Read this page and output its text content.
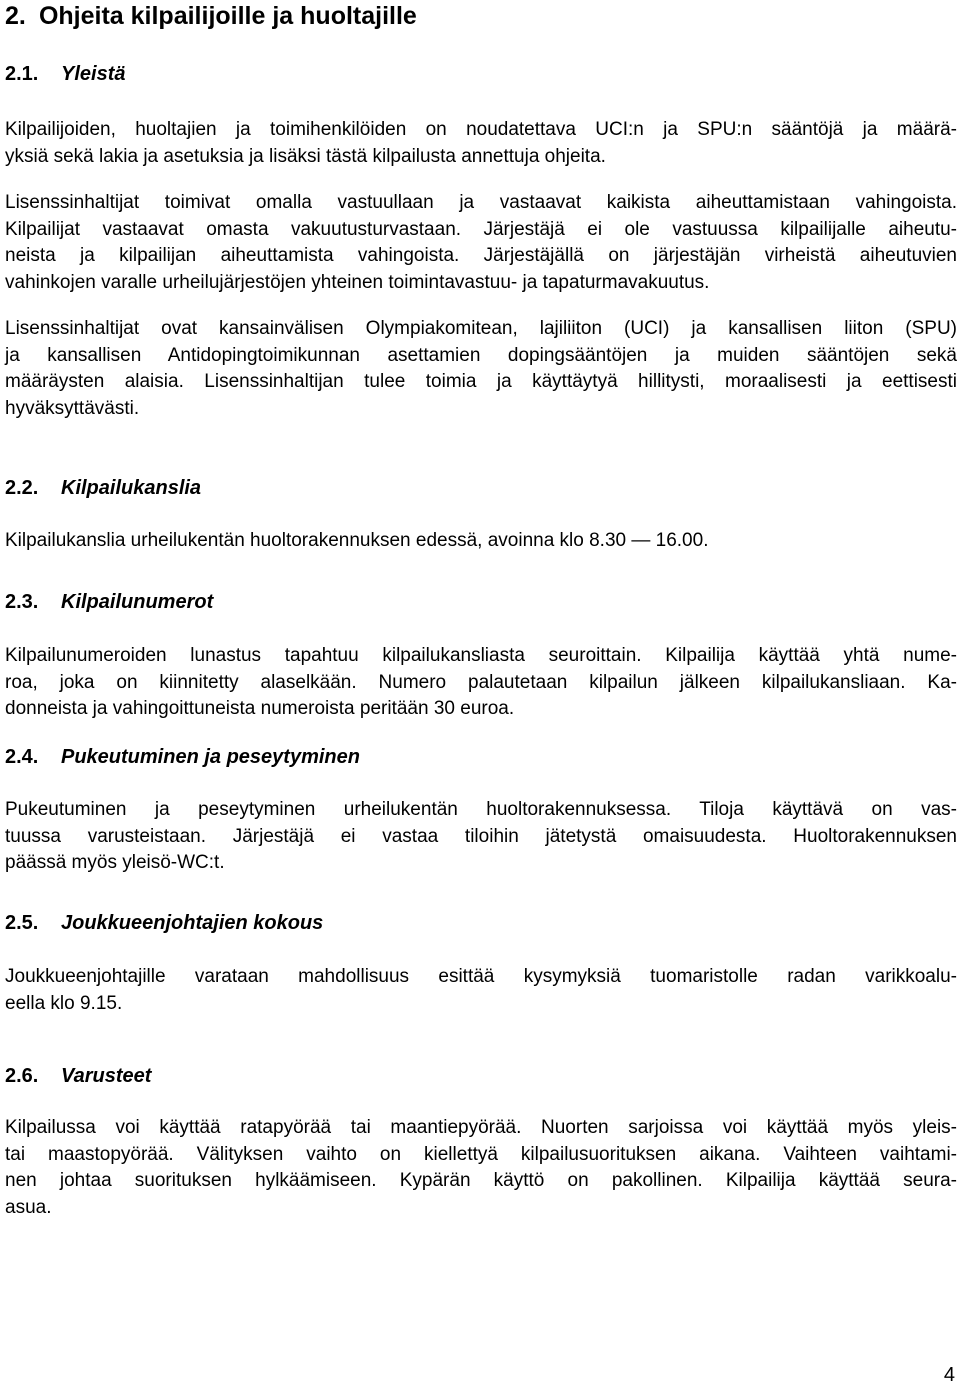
2. Ohjeita kilpailijoille ja huoltajille
2.1. Yleistä
Kilpailijoiden, huoltajien ja toimihenkilöiden on noudatettava UCI:n ja SPU:n sääntöjä ja määrä-
yksiä sekä lakia ja asetuksia ja lisäksi tästä kilpailusta annettuja ohjeita.
Lisenssinhaltijat toimivat omalla vastuullaan ja vastaavat kaikista aiheuttamistaan vahingoista.
Kilpailijat vastaavat omasta vakuutusturvastaan. Järjestäjä ei ole vastuussa kilpailijalle aiheutu-
neista ja kilpailijan aiheuttamista vahingoista. Järjestäjällä on järjestäjän virheistä aiheutuvien
vahinkojen varalle urheilujärjestöjen yhteinen toimintavastuu- ja tapaturmavakuutus.
Lisenssinhaltijat ovat kansainvälisen Olympiakomitean, lajiliiton (UCI) ja kansallisen liiton (SPU)
ja kansallisen Antidopingtoimikunnan asettamien dopingsääntöjen ja muiden sääntöjen sekä
määräysten alaisia. Lisenssinhaltijan tulee toimia ja käyttäytyä hillitysti, moraalisesti ja eettisesti
hyväksyttävästi.
2.2. Kilpailukanslia
Kilpailukanslia urheilukentän huoltorakennuksen edessä, avoinna klo 8.30 — 16.00.
2.3. Kilpailunumerot
Kilpailunumeroiden lunastus tapahtuu kilpailukansliasta seuroittain. Kilpailija käyttää yhtä nume-
roa, joka on kiinnitetty alaselkään. Numero palautetaan kilpailun jälkeen kilpailukansliaan. Ka-
donneista ja vahingoittuneista numeroista peritään 30 euroa.
2.4. Pukeutuminen ja peseytyminen
Pukeutuminen ja peseytyminen urheilukentän huoltorakennuksessa. Tiloja käyttävä on vas-
tuussa varusteistaan. Järjestäjä ei vastaa tiloihin jätetystä omaisuudesta. Huoltorakennuksen
päässä myös yleisö-WC:t.
2.5. Joukkueenjohtajien kokous
Joukkueenjohtajille varataan mahdollisuus esittää kysymyksiä tuomaristolle radan varikkoalu-
eella klo 9.15.
2.6. Varusteet
Kilpailussa voi käyttää ratapyörää tai maantiepyörää. Nuorten sarjoissa voi käyttää myös yleis-
tai maastopyörää. Välityksen vaihto on kiellettyä kilpailusuorituksen aikana. Vaihteen vaihtami-
nen johtaa suorituksen hylkäämiseen. Kypärän käyttö on pakollinen. Kilpailija käyttää seura-
asua.
4
